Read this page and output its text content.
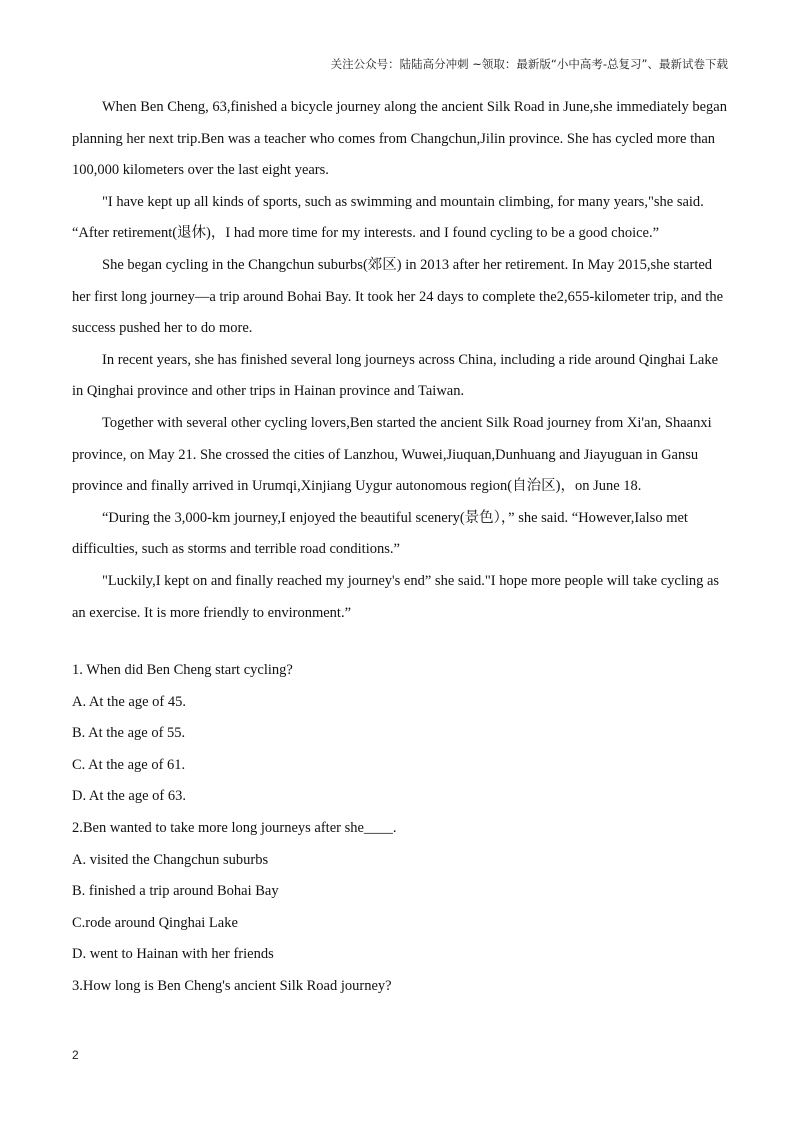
关注公众号：陆陆高分冲刺 ~领取：最新版“小中高考-总复习”、最新试卷下载

When Ben Cheng, 63,finished a bicycle journey along the ancient Silk Road in June,she immediately began planning her next trip.Ben was a teacher who comes from Changchun,Jilin province. She has cycled more than 100,000 kilometers over the last eight years.

"I have kept up all kinds of sports, such as swimming and mountain climbing, for many years,"she said. “After retirement(退休)，I had more time for my interests. and I found cycling to be a good choice.”

She began cycling in the Changchun suburbs(郊区) in 2013 after her retirement. In May 2015,she started her first long journey—a trip around Bohai Bay. It took her 24 days to complete the2,655-kilometer trip, and the success pushed her to do more.

In recent years, she has finished several long journeys across China, including a ride around Qinghai Lake in Qinghai province and other trips in Hainan province and Taiwan.

Together with several other cycling lovers,Ben started the ancient Silk Road journey from Xi'an, Shaanxi province, on May 21. She crossed the cities of Lanzhou, Wuwei,Jiuquan,Dunhuang and Jiayuguan in Gansu province and finally arrived in Urumqi,Xinjiang Uygur autonomous region(自治区)，on June 18.

“During the 3,000-km journey,I enjoyed the beautiful scenery(景色），” she said. “However,Ialso met difficulties, such as storms and terrible road conditions.”

"Luckily,I kept on and finally reached my journey's end” she said."I hope more people will take cycling as an exercise. It is more friendly to environment.”

1. When did Ben Cheng start cycling?

A. At the age of 45.

B. At the age of 55.

C. At the age of 61.

D. At the age of 63.

2.Ben wanted to take more long journeys after she____.

A. visited the Changchun suburbs

B. finished a trip around Bohai Bay

C.rode around Qinghai Lake

D. went to Hainan with her friends

3.How long is Ben Cheng's ancient Silk Road journey?

2
